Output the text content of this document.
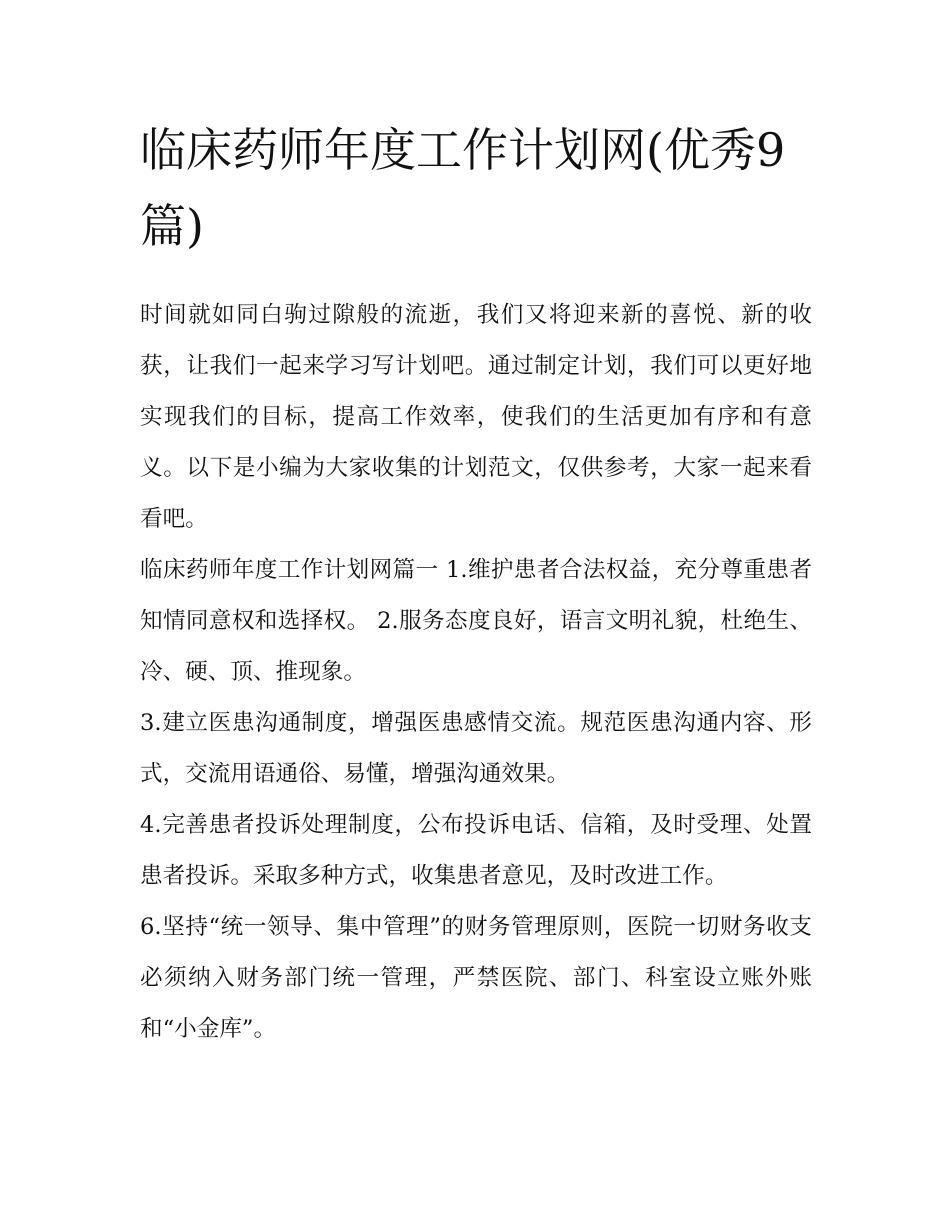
临床药师年度工作计划网(优秀9篇)

时间就如同白驹过隙般的流逝，我们又将迎来新的喜悦、新的收获，让我们一起来学习写计划吧。通过制定计划，我们可以更好地实现我们的目标，提高工作效率，使我们的生活更加有序和有意义。以下是小编为大家收集的计划范文，仅供参考，大家一起来看看吧。

临床药师年度工作计划网篇一 1.维护患者合法权益，充分尊重患者知情同意权和选择权。 2.服务态度良好，语言文明礼貌，杜绝生、冷、硬、顶、推现象。

3.建立医患沟通制度，增强医患感情交流。规范医患沟通内容、形式，交流用语通俗、易懂，增强沟通效果。

4.完善患者投诉处理制度，公布投诉电话、信箱，及时受理、处置患者投诉。采取多种方式，收集患者意见，及时改进工作。

6.坚持“统一领导、集中管理”的财务管理原则，医院一切财务收支必须纳入财务部门统一管理，严禁医院、部门、科室设立账外账和“小金库”。
